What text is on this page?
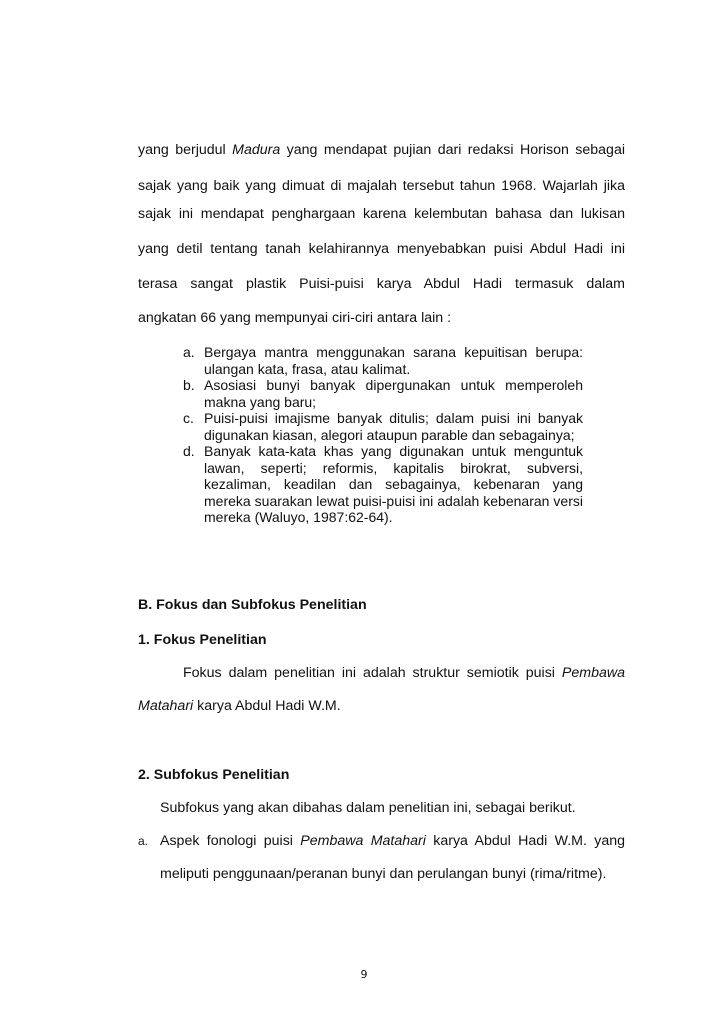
yang berjudul Madura yang mendapat pujian dari redaksi Horison sebagai
sajak yang baik yang dimuat di majalah tersebut tahun 1968. Wajarlah jika
sajak ini mendapat penghargaan karena kelembutan bahasa dan lukisan
yang detil tentang tanah kelahirannya menyebabkan puisi Abdul Hadi ini
terasa sangat plastik Puisi-puisi karya Abdul Hadi termasuk dalam
angkatan 66 yang mempunyai ciri-ciri antara lain :
a. Bergaya mantra menggunakan sarana kepuitisan berupa: ulangan kata, frasa, atau kalimat.
b. Asosiasi bunyi banyak dipergunakan untuk memperoleh makna yang baru;
c. Puisi-puisi imajisme banyak ditulis; dalam puisi ini banyak digunakan kiasan, alegori ataupun parable dan sebagainya;
d. Banyak kata-kata khas yang digunakan untuk menguntuk lawan, seperti; reformis, kapitalis birokrat, subversi, kezaliman, keadilan dan sebagainya, kebenaran yang mereka suarakan lewat puisi-puisi ini adalah kebenaran versi mereka (Waluyo, 1987:62-64).
B. Fokus dan Subfokus Penelitian
1. Fokus Penelitian
Fokus dalam penelitian ini adalah struktur semiotik puisi Pembawa
Matahari karya Abdul Hadi W.M.
2. Subfokus Penelitian
Subfokus yang akan dibahas dalam penelitian ini, sebagai berikut.
a. Aspek fonologi puisi Pembawa Matahari karya Abdul Hadi W.M. yang
meliputi penggunaan/peranan bunyi dan perulangan bunyi (rima/ritme).
9
